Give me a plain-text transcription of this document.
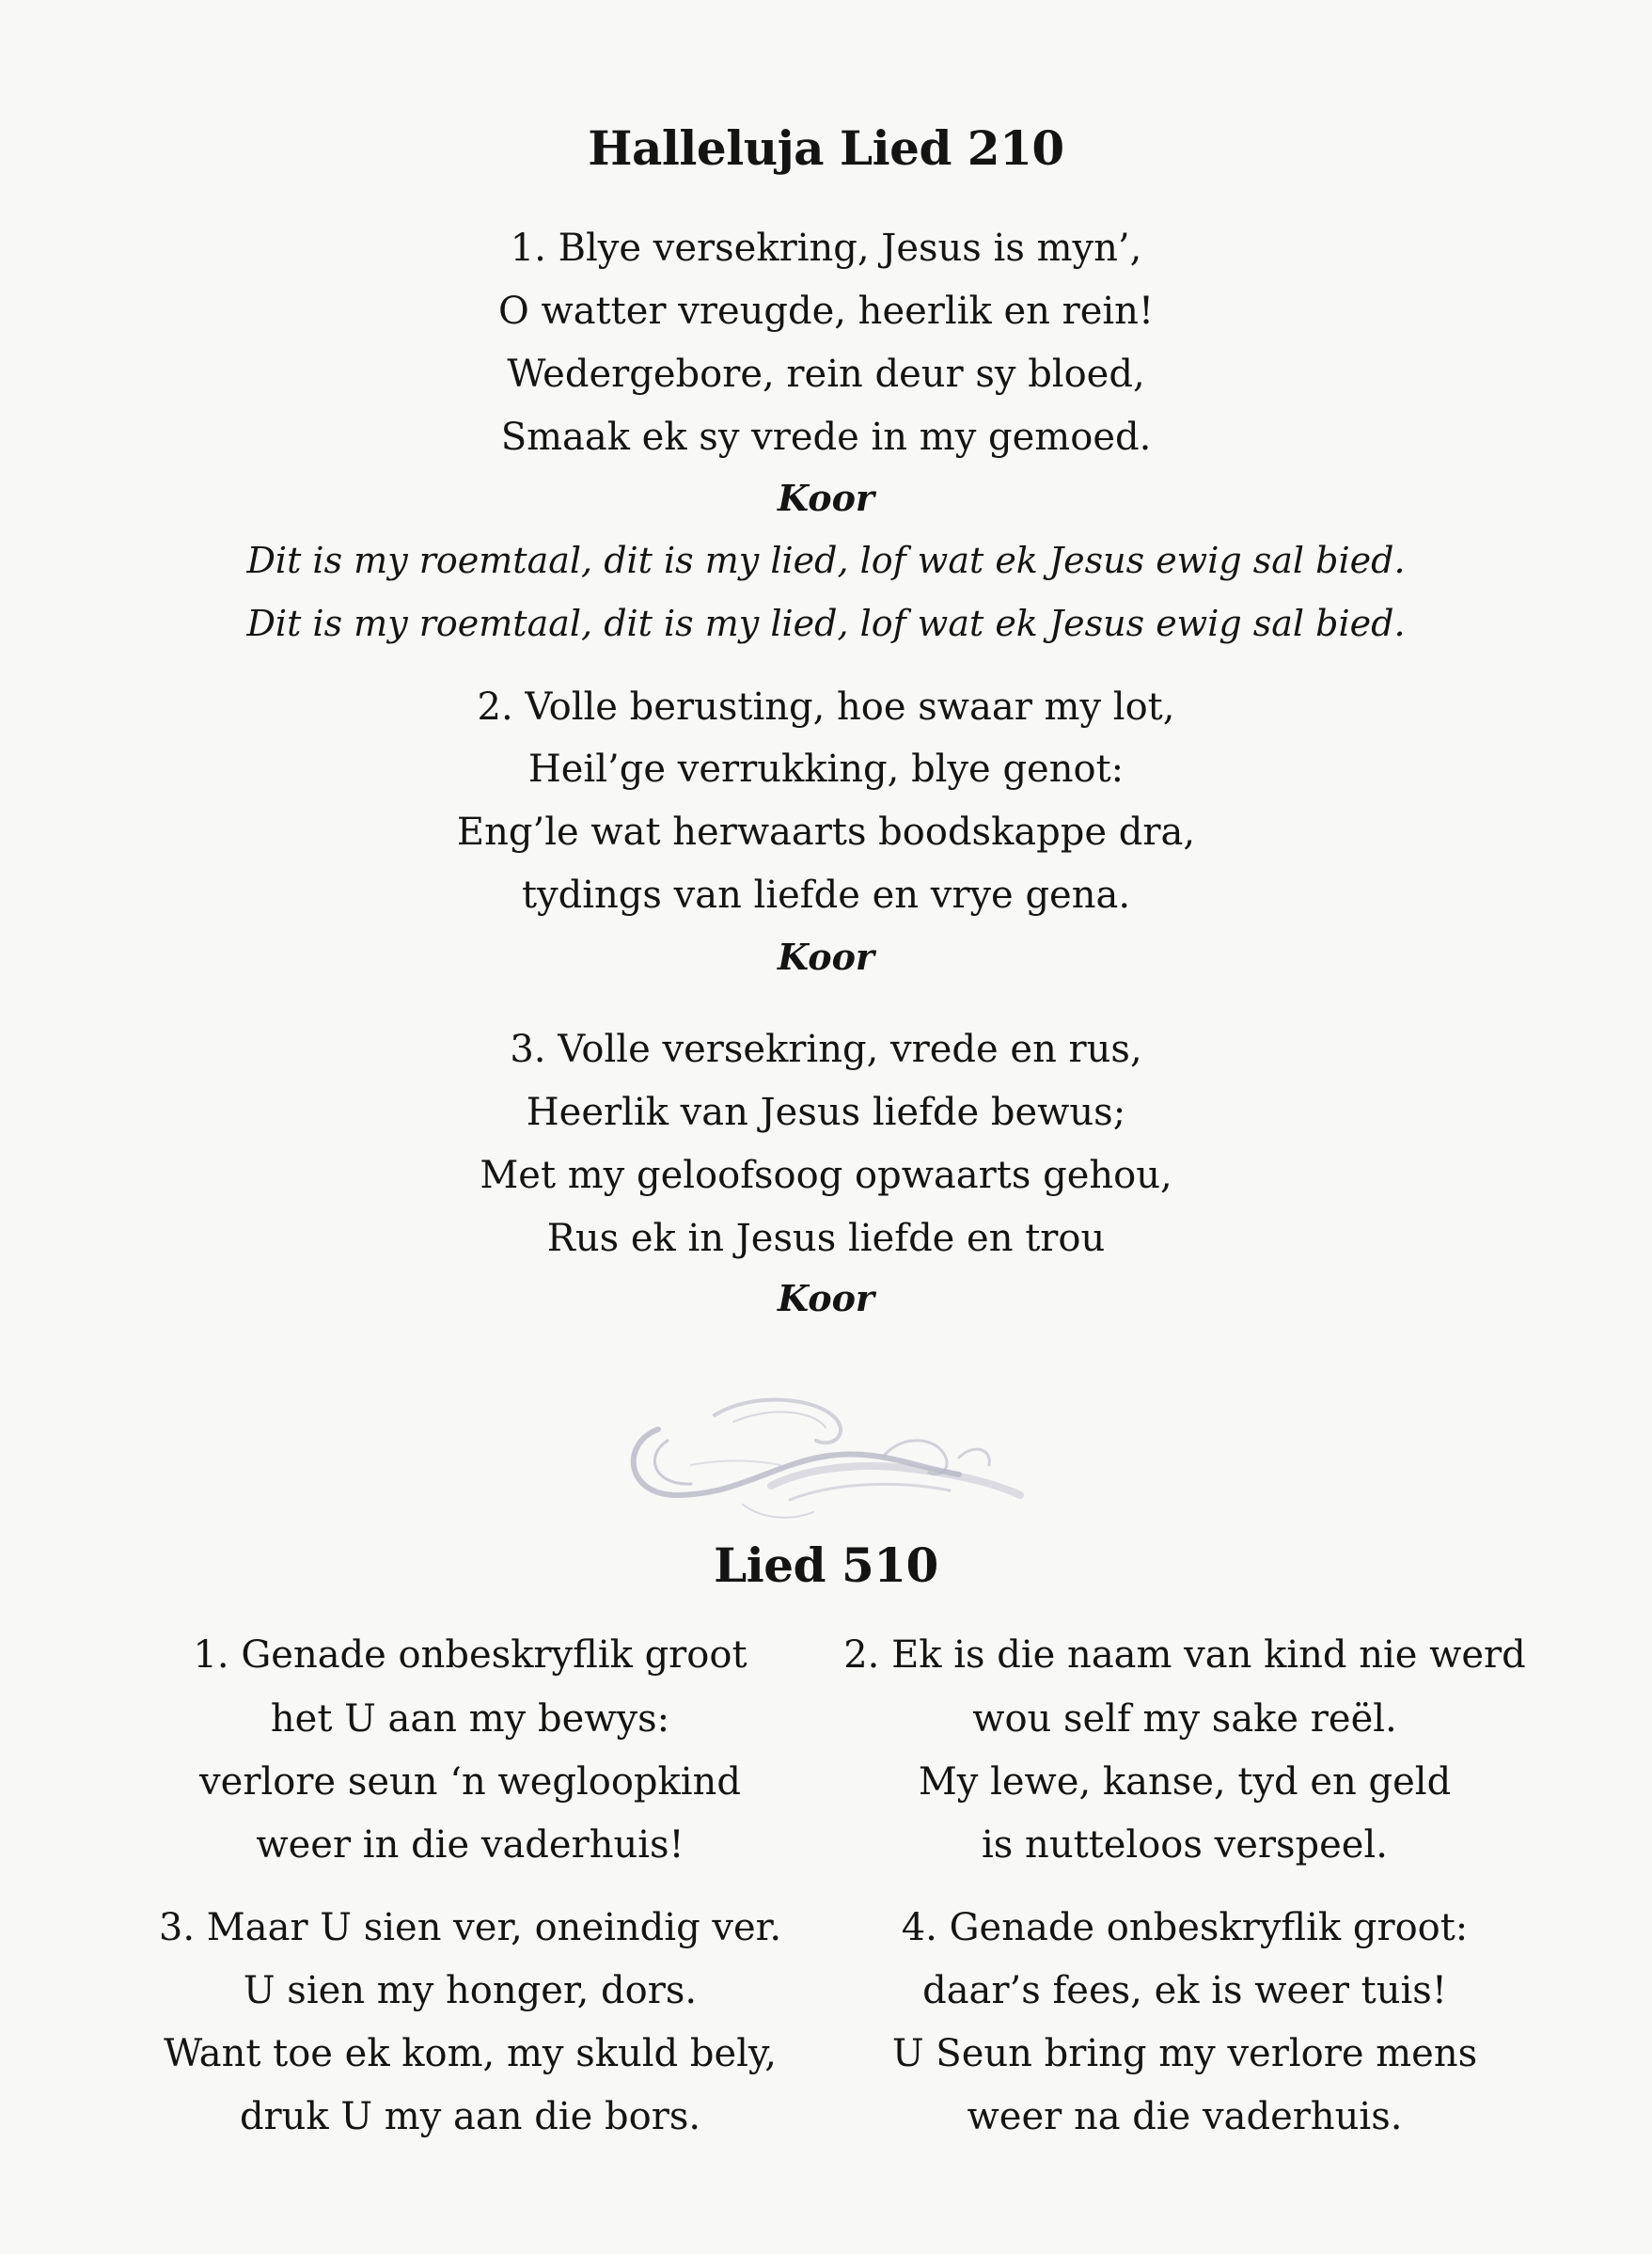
Halleluja Lied 210
1. Blye versekring, Jesus is myn’,
O watter vreugde, heerlik en rein!
Wedergebore, rein deur sy bloed,
Smaak ek sy vrede in my gemoed.
Koor
Dit is my roemtaal, dit is my lied, lof wat ek Jesus ewig sal bied.
Dit is my roemtaal, dit is my lied, lof wat ek Jesus ewig sal bied.
2. Volle berusting, hoe swaar my lot,
Heil’ge verrukking, blye genot:
Eng’le wat herwaarts boodskappe dra,
tydings van liefde en vrye gena.
Koor
3. Volle versekring, vrede en rus,
Heerlik van Jesus liefde bewus;
Met my geloofsoog opwaarts gehou,
Rus ek in Jesus liefde en trou
Koor
Lied 510
1. Genade onbeskryflik groot
het U aan my bewys:
verlore seun ‘n wegloopkind
weer in die vaderhuis!
2. Ek is die naam van kind nie werd
wou self my sake reël.
My lewe, kanse, tyd en geld
is nutteloos verspeel.
3. Maar U sien ver, oneindig ver.
U sien my honger, dors.
Want toe ek kom, my skuld bely,
druk U my aan die bors.
4. Genade onbeskryflik groot:
daar’s fees, ek is weer tuis!
U Seun bring my verlore mens
weer na die vaderhuis.
